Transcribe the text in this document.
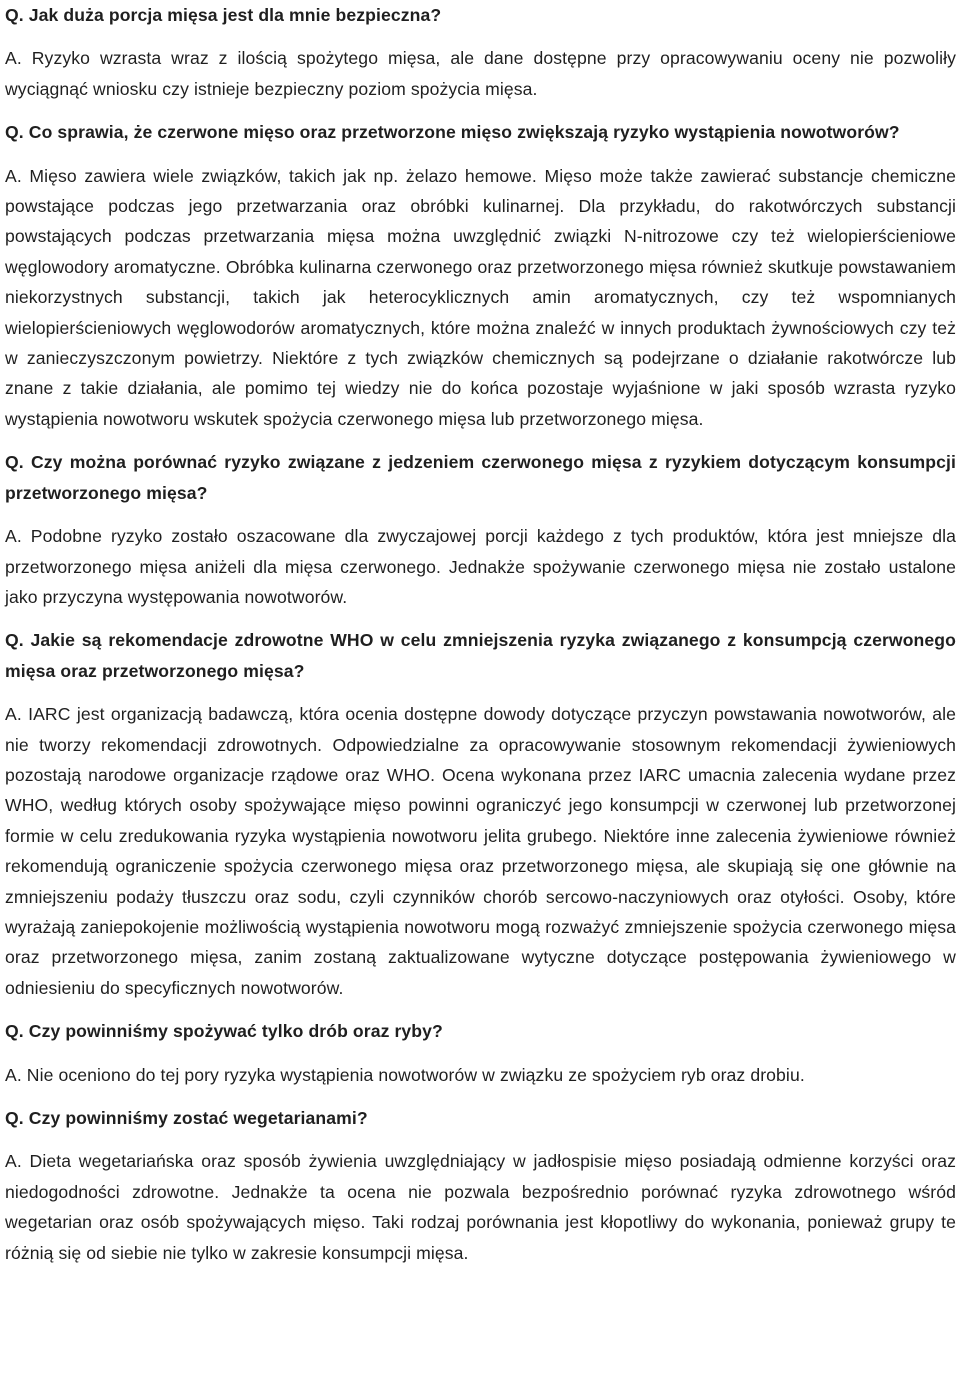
Q. Jak duża porcja mięsa jest dla mnie bezpieczna?

A. Ryzyko wzrasta wraz z ilością spożytego mięsa, ale dane dostępne przy opracowywaniu oceny nie pozwoliły wyciągnąć wniosku czy istnieje bezpieczny poziom spożycia mięsa.

Q. Co sprawia, że czerwone mięso oraz przetworzone mięso zwiększają ryzyko wystąpienia nowotworów?

A. Mięso zawiera wiele związków, takich jak np. żelazo hemowe. Mięso może także zawierać substancje chemiczne powstające podczas jego przetwarzania oraz obróbki kulinarnej. Dla przykładu, do rakotwórczych substancji powstających podczas przetwarzania mięsa można uwzględnić związki N-nitrozowe czy też wielopierścieniowe węglowodory aromatyczne. Obróbka kulinarna czerwonego oraz przetworzonego mięsa również skutkuje powstawaniem niekorzystnych substancji, takich jak heterocyklicznych amin aromatycznych, czy też wspomnianych wielopierścieniowych węglowodorów aromatycznych, które można znaleźć w innych produktach żywnościowych czy też w zanieczyszczonym powietrzy. Niektóre z tych związków chemicznych są podejrzane o działanie rakotwórcze lub znane z takie działania, ale pomimo tej wiedzy nie do końca pozostaje wyjaśnione w jaki sposób wzrasta ryzyko wystąpienia nowotworu wskutek spożycia czerwonego mięsa lub przetworzonego mięsa.

Q. Czy można porównać ryzyko związane z jedzeniem czerwonego mięsa z ryzykiem dotyczącym konsumpcji przetworzonego mięsa?

A. Podobne ryzyko zostało oszacowane dla zwyczajowej porcji każdego z tych produktów, która jest mniejsze dla przetworzonego mięsa aniżeli dla mięsa czerwonego. Jednakże spożywanie czerwonego mięsa nie zostało ustalone jako przyczyna występowania nowotworów.

Q. Jakie są rekomendacje zdrowotne WHO w celu zmniejszenia ryzyka związanego z konsumpcją czerwonego mięsa oraz przetworzonego mięsa?

A. IARC jest organizacją badawczą, która ocenia dostępne dowody dotyczące przyczyn powstawania nowotworów, ale nie tworzy rekomendacji zdrowotnych. Odpowiedzialne za opracowywanie stosownym rekomendacji żywieniowych pozostają narodowe organizacje rządowe oraz WHO. Ocena wykonana przez IARC umacnia zalecenia wydane przez WHO, według których osoby spożywające mięso powinni ograniczyć jego konsumpcji w czerwonej lub przetworzonej formie w celu zredukowania ryzyka wystąpienia nowotworu jelita grubego. Niektóre inne zalecenia żywieniowe również rekomendują ograniczenie spożycia czerwonego mięsa oraz przetworzonego mięsa, ale skupiają się one głównie na zmniejszeniu podaży tłuszczu oraz sodu, czyli czynników chorób sercowo-naczyniowych oraz otyłości. Osoby, które wyrażają zaniepokojenie możliwością wystąpienia nowotworu mogą rozważyć zmniejszenie spożycia czerwonego mięsa oraz przetworzonego mięsa, zanim zostaną zaktualizowane wytyczne dotyczące postępowania żywieniowego w odniesieniu do specyficznych nowotworów.

Q. Czy powinniśmy spożywać tylko drób oraz ryby?

A. Nie oceniono do tej pory ryzyka wystąpienia nowotworów w związku ze spożyciem ryb oraz drobiu.

Q. Czy powinniśmy zostać wegetarianami?

A. Dieta wegetariańska oraz sposób żywienia uwzględniający w jadłospisie mięso posiadają odmienne korzyści oraz niedogodności zdrowotne. Jednakże ta ocena nie pozwala bezpośrednio porównać ryzyka zdrowotnego wśród wegetarian oraz osób spożywających mięso. Taki rodzaj porównania jest kłopotliwy do wykonania, ponieważ grupy te różnią się od siebie nie tylko w zakresie konsumpcji mięsa.
